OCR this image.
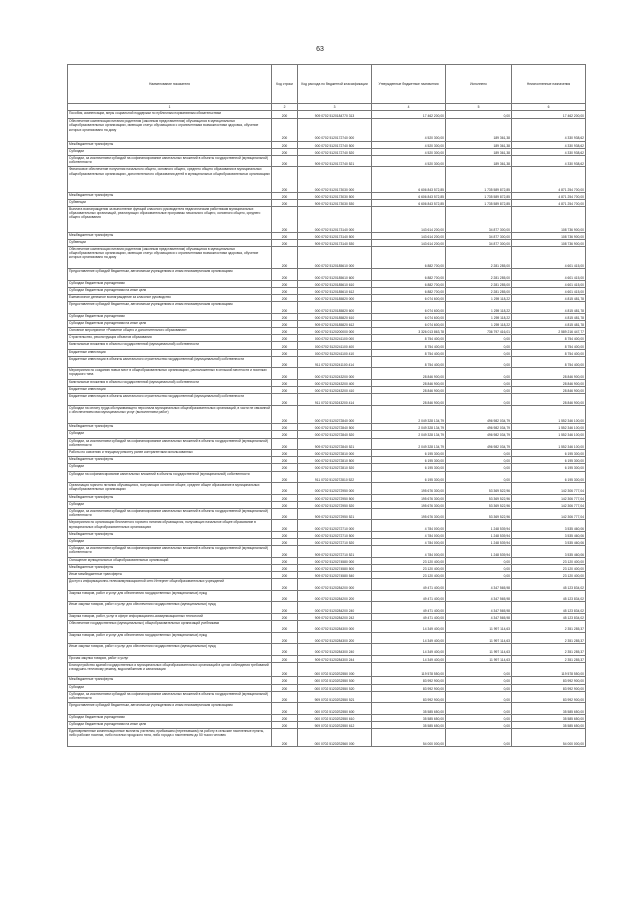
63
Наименование показателя	Код строки	Код расхода по бюджетной классификации	Утвержденные бюджетные назначения	Исполнено	Неисполненные назначения
1	2	3	4	5	6
Пособия, компенсации, меры социальной поддержки по публичным нормативным обязательствам	200	909 0702 5120184770 313	17 462 200,00	0,00	17 462 200,00
Обеспечение компенсации питания родителям (законным представителям) обучающихся в муниципальных общеобразовательных организациях, имеющих статус обучающихся с ограниченными возможностями здоровья, обучение которых организовано на дому	200	000 0702 5120172740 000	4 520 300,00	189 361,38	4 330 938,62
Межбюджетные трансферты	200	000 0702 5120172740 500	4 520 300,00	189 361,38	4 330 938,62
Субсидии	200	000 0702 5120172740 520	4 520 300,00	189 361,38	4 330 938,62
Субсидии, за исключением субсидий на софинансирование капитальных вложений в объекты государственной (муниципальной) собственности	200	909 0702 5120172740 521	4 520 300,00	189 361,38	4 330 938,62
Финансовое обеспечение получения начального общего, основного общего, среднего общего образования в муниципальных общеобразовательных организациях, дополнительного образования детей в муниципальных общеобразовательных организациях	200	000 0702 5120173030 000	6 606 843 572,85	1 735 589 872,85	4 871 254 700,00
Межбюджетные трансферты	200	000 0702 5120173030 500	6 606 843 572,85	1 735 589 872,85	4 871 254 700,00
Субвенции	200	909 0702 5120173030 530	6 606 843 572,85	1 735 589 872,85	4 871 254 700,00
Выплата вознаграждения за выполнение функций классного руководителя педагогическим работникам муниципальных образовательных организаций, реализующих образовательные программы начального общего, основного общего, среднего общего образования	200	000 0702 5120173140 000	143 614 200,00	34 877 300,00	108 736 900,00
Межбюджетные трансферты	200	000 0702 5120173140 500	143 614 200,00	34 877 300,00	108 736 900,00
Субвенции	200	909 0702 5120173140 530	143 614 200,00	34 877 300,00	108 736 900,00
Обеспечение компенсации питания родителям (законным представителям) обучающихся в муниципальных общеобразовательных организациях, имеющих статус обучающихся с ограниченными возможностями здоровья, обучение которых организовано на дому	200	000 0702 5120185610 000	6 882 700,00	2 281 285,00	4 601 415,00
Предоставление субсидий бюджетным, автономным учреждениям и иным некоммерческим организациям	200	000 0702 5120185610 600	6 882 700,00	2 281 285,00	4 601 415,00
Субсидии бюджетным учреждениям	200	000 0702 5120185610 610	6 882 700,00	2 281 285,00	4 601 415,00
Субсидии бюджетным учреждениям на иные цели	200	000 0702 5120185610 612	6 882 700,00	2 281 285,00	4 601 415,00
Ежемесячное денежное вознаграждение за классное руководство	200	000 0702 5120185820 000	6 074 600,00	1 259 118,22	4 815 481,78
Предоставление субсидий бюджетным, автономным учреждениям и иным некоммерческим организациям	200	000 0702 5120185820 600	6 074 600,00	1 259 118,22	4 815 481,78
Субсидии бюджетным учреждениям	200	000 0702 5120185820 610	6 074 600,00	1 259 118,22	4 815 481,78
Субсидии бюджетным учреждениям на иные цели	200	909 0702 5120185820 612	6 074 600,00	1 259 118,22	4 815 481,78
Основное мероприятие «Развитие общего и дополнительного образования»	200	000 0702 5120200000 000	3 326 013 863,78	736 797 416,01	2 589 216 447,77
Строительство, реконструкция объектов образования	200	000 0702 5120241100 000	8 754 400,00	0,00	8 754 400,00
Капитальные вложения в объекты государственной (муниципальной) собственности	200	000 0702 5120241100 400	8 754 400,00	0,00	8 754 400,00
Бюджетные инвестиции	200	000 0702 5120241100 410	8 754 400,00	0,00	8 754 400,00
Бюджетные инвестиции в объекты капитального строительства государственной (муниципальной) собственности	200	911 0702 5120241100 414	8 754 400,00	0,00	8 754 400,00
Мероприятия по созданию новых мест в общеобразовательных организациях, расположенных в сельской местности и поселках городского типа	200	000 0702 5120243200 000	28 846 900,00	0,00	28 846 900,00
Капитальные вложения в объекты государственной (муниципальной) собственности	200	000 0702 5120243200 400	28 846 900,00	0,00	28 846 900,00
Бюджетные инвестиции	200	000 0702 5120243200 410	28 846 900,00	0,00	28 846 900,00
Бюджетные инвестиции в объекты капитального строительства государственной (муниципальной) собственности	200	911 0702 5120243200 414	28 846 900,00	0,00	28 846 900,00
Субсидии на оплату труда обслуживающего персонала муниципальных общеобразовательных организаций, в части не связанной с обеспечением ими муниципальных услуг (выполнением работ)	200	000 0702 5120272840 000	2 049 328 134,79	496 982 034,79	1 552 346 100,00
Межбюджетные трансферты	200	000 0702 5120272840 500	2 049 328 134,79	496 982 034,79	1 552 346 100,00
Субсидии	200	000 0702 5120272840 520	2 049 328 134,79	496 982 034,79	1 552 346 100,00
Субсидии, за исключением субсидий на софинансирование капитальных вложений в объекты государственной (муниципальной) собственности	200	909 0702 5120272840 521	2 049 328 134,79	496 982 034,79	1 552 346 100,00
Работы по освоению и текущему ремонту ранее контрагентами использованных	200	000 0702 5120272810 000	6 195 300,00	0,00	6 195 300,00
Межбюджетные трансферты	200	000 0702 5120272810 500	6 195 300,00	0,00	6 195 300,00
Субсидии	200	000 0702 5120272810 520	6 195 300,00	0,00	6 195 300,00
Субсидии на софинансирование капитальных вложений в объекты государственной (муниципальной) собственности	200	911 0702 5120272810 522	6 195 300,00	0,00	6 195 300,00
Организация горячего питания обучающихся, получающих основное общее, среднее общее образование в муниципальных общеобразовательных организациях	200	000 0702 5120272950 000	195 676 300,00	53 369 522,96	142 306 777,04
Межбюджетные трансферты	200	000 0702 5120272950 500	195 676 300,00	53 369 522,96	142 306 777,04
Субсидии	200	000 0702 5120272950 520	195 676 300,00	53 369 522,96	142 306 777,04
Субсидии, за исключением субсидий на софинансирование капитальных вложений в объекты государственной (муниципальной) собственности	200	909 0702 5120272950 521	195 676 300,00	53 369 522,96	142 306 777,04
Мероприятия по организации бесплатного горячего питания обучающихся, получающих начальное общее образование в муниципальных общеобразовательных организациях	200	000 0702 5120272710 000	4 784 000,00	1 248 539,94	3 535 460,06
Межбюджетные трансферты	200	000 0702 5120272710 500	4 784 000,00	1 248 539,94	3 535 460,06
Субсидии	200	000 0702 5120272710 520	4 784 000,00	1 248 539,94	3 535 460,06
Субсидии, за исключением субсидий на софинансирование капитальных вложений в объекты государственной (муниципальной) собственности	200	909 0702 5120272710 521	4 784 000,00	1 248 539,94	3 535 460,06
Оснащение муниципальных общеобразовательных организаций	200	000 0702 5120274580 000	23 120 400,00	0,00	23 120 400,00
Межбюджетные трансферты	200	000 0702 5120274580 500	23 120 400,00	0,00	23 120 400,00
Иные межбюджетные трансферты	200	909 0702 5120274580 540	23 120 400,00	0,00	23 120 400,00
Доступ к информационно-телекоммуникационной сети Интернет общеобразовательных учреждений	200	000 0702 5120284200 000	49 471 400,00	4 347 565,98	45 123 834,02
Закупка товаров, работ и услуг для обеспечения государственных (муниципальных) нужд	200	000 0702 5120284200 200	49 471 400,00	4 347 565,98	45 123 834,02
Иные закупки товаров, работ и услуг для обеспечения государственных (муниципальных) нужд	200	000 0702 5120284200 240	49 471 400,00	4 347 565,98	45 123 834,02
Закупка товаров, работ, услуг в сфере информационно-коммуникационных технологий	200	909 0702 5120284200 242	49 471 400,00	4 347 565,98	45 123 834,02
Обеспечение государственных (муниципальных) общеобразовательных организаций учебниками	200	000 0702 5120284300 000	14 349 400,00	11 997 114,63	2 351 285,37
Закупка товаров, работ и услуг для обеспечения государственных (муниципальных) нужд	200	000 0702 5120284300 200	14 349 400,00	11 997 114,63	2 351 285,37
Иные закупки товаров, работ и услуг для обеспечения государственных (муниципальных) нужд	200	000 0702 5120284300 240	14 349 400,00	11 997 114,63	2 351 285,37
Прочая закупка товаров, работ и услуг	200	909 0702 5120284300 244	14 349 400,00	11 997 114,63	2 351 285,37
Благоустройство зданий государственных и муниципальных общеобразовательных организаций в целях соблюдения требований к воздушно-тепловому режиму, водоснабжению и канализации	200	000 0702 51202S2550 000	119 578 550,00	0,00	119 578 550,00
Межбюджетные трансферты	200	000 0702 51202S2550 500	83 992 900,00	0,00	83 992 900,00
Субсидии	200	000 0702 51202S2550 520	83 992 900,00	0,00	83 992 900,00
Субсидии, за исключением субсидий на софинансирование капитальных вложений в объекты государственной (муниципальной) собственности	200	909 0702 51202S2550 521	83 992 900,00	0,00	83 992 900,00
Предоставление субсидий бюджетным, автономным учреждениям и иным некоммерческим организациям	200	000 0702 51202S2550 600	35 585 650,00	0,00	35 585 650,00
Субсидии бюджетным учреждениям	200	000 0702 51202S2550 610	35 585 650,00	0,00	35 585 650,00
Субсидии бюджетным учреждениям на иные цели	200	909 0702 51202S2550 612	35 585 650,00	0,00	35 585 650,00
Единовременные компенсационные выплаты учителям, прибывшим (переехавшим) на работу в сельские населенные пункты, либо рабочие поселки, либо поселки городского типа, либо города с населением до 50 тысяч человек	200	000 0702 51202S2560 000	54 000 000,00	0,00	54 000 000,00
